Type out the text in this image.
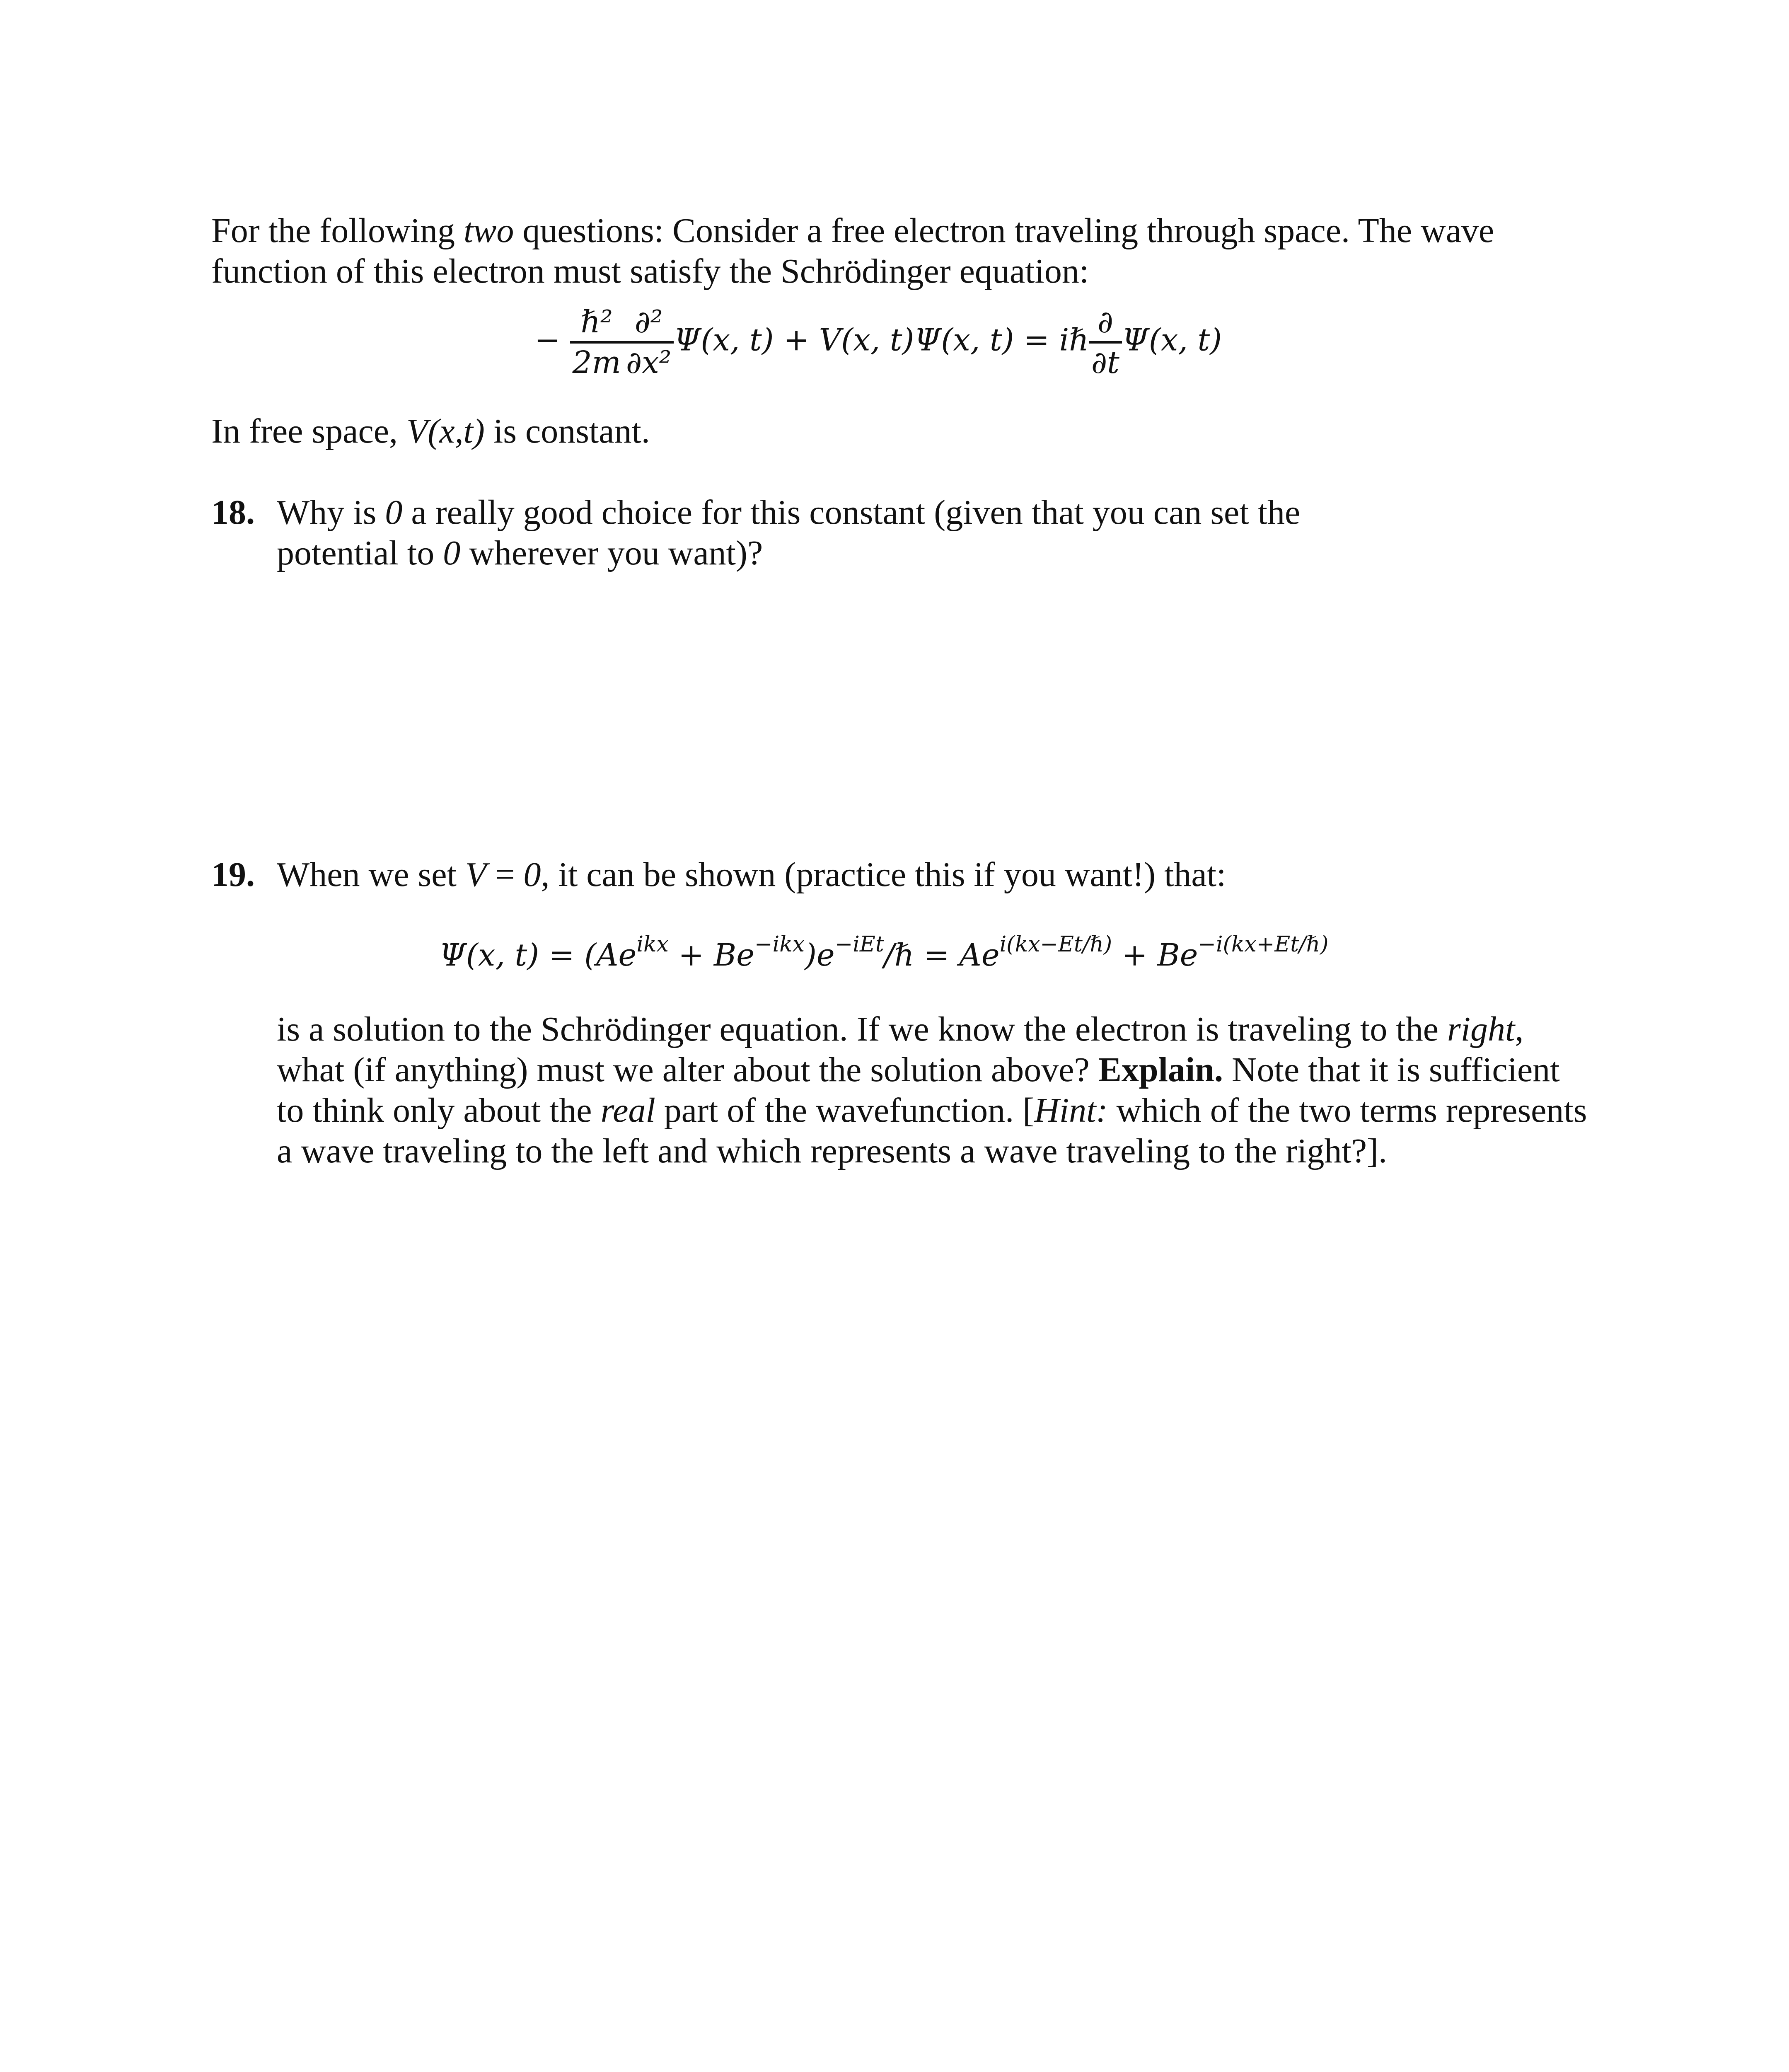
For the following two questions: Consider a free electron traveling through space. The wave
function of this electron must satisfy the Schrödinger equation:
− $\frac{\text{ℏ²}}{2m} \frac{\text{∂²}}{\text{∂x²}} \Psi(x$, t) + V(x, t)Ψ(x, t) = iℏ $\frac{\partial}{\partial t} \Psi(x$, t)
In free space, V(x,t) is constant.
18. Why is 0 a really good choice for this constant (given that you can set the
potential to 0 wherever you want)?
19. When we set V = 0, it can be shown (practice this if you want!) that:
Ψ(x, $t) = (Ae^{ikx}$ + $Be^{-ikx})e^{-iEt}/\hbar = Ae^{i(kx-Et/\hbar)} + Be^{-i(kx+Et/\hbar)}$
is a solution to the Schrödinger equation. If we know the electron is traveling to the right,
what (if anything) must we alter about the solution above? Explain. Note that it is sufficient
to think only about the real part of the wavefunction. [Hint: which of the two terms represents
a wave traveling to the left and which represents a wave traveling to the right?].
